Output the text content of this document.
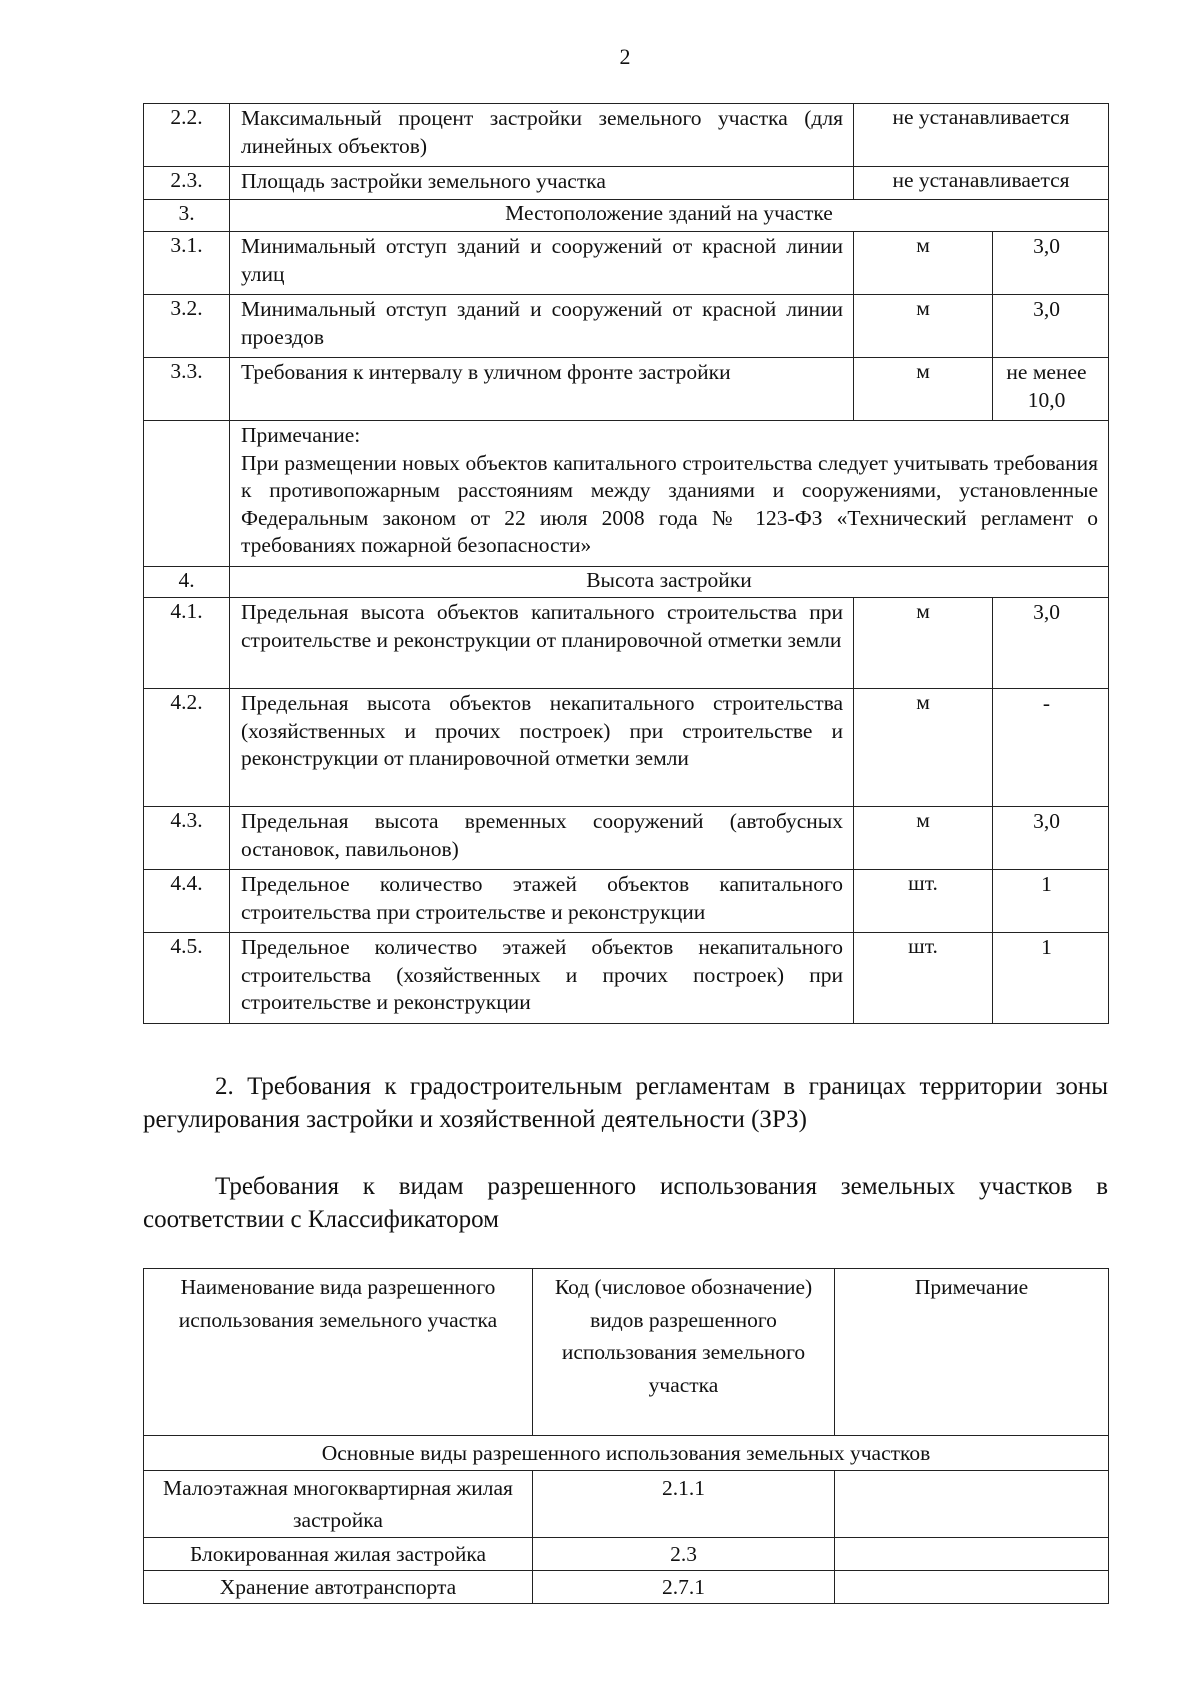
2
2.2.	Максимальный процент застройки земельного участка (для линейных объектов)	не устанавливается	
2.3.	Площадь застройки земельного участка	не устанавливается	
3.	Местоположение зданий на участке		
3.1.	Минимальный отступ зданий и сооружений от красной линии улиц	м	3,0
3.2.	Минимальный отступ зданий и сооружений от красной линии проездов	м	3,0
3.3.	Требования к интервалу в уличном фронте застройки	м	не менее 10,0

	Примечание:
При размещении новых объектов капитального строительства следует учитывать требования к противопожарным расстояниям между зданиями и сооружениями, установленные Федеральным законом от 22 июля 2008 года № 123-ФЗ «Технический регламент о требованиях пожарной безопасности»		

4.	Высота застройки		
4.1.	Предельная высота объектов капитального строительства при строительстве и реконструкции от планировочной отметки земли	м	3,0
4.2.	Предельная высота объектов некапитального строительства (хозяйственных и прочих построек) при строительстве и реконструкции от планировочной отметки земли	м	-
4.3.	Предельная высота временных сооружений (автобусных остановок, павильонов)	м	3,0
4.4.	Предельное количество этажей объектов капитального строительства при строительстве и реконструкции	шт.	1
4.5.	Предельное количество этажей объектов некапитального строительства (хозяйственных и прочих построек) при строительстве и реконструкции	шт.	1
2. Требования к градостроительным регламентам в границах территории зоны регулирования застройки и хозяйственной деятельности (ЗРЗ)
Требования к видам разрешенного использования земельных участков в соответствии с Классификатором
Наименование вида разрешенного использования земельного участка	Код (числовое обозначение) видов разрешенного использования земельного участка	Примечание
Основные виды разрешенного использования земельных участков		
Малоэтажная многоквартирная жилая застройка	2.1.1	
Блокированная жилая застройка	2.3	
Хранение автотранспорта	2.7.1	
